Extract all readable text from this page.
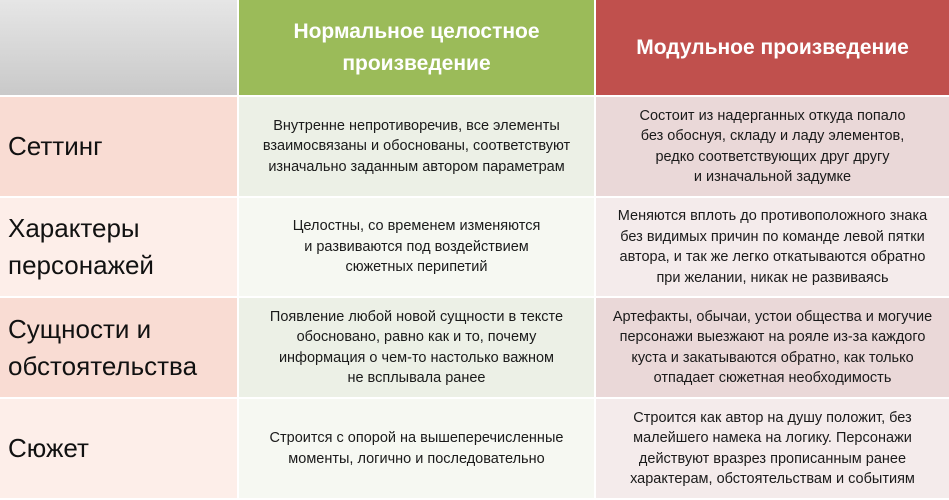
Нормальное целостное произведение
Модульное произведение
Сеттинг
Внутренне непротиворечив, все элементы
взаимосвязаны и обоснованы, соответствуют
изначально заданным автором параметрам
Состоит из надерганных откуда попало
без обоснуя, складу и ладу элементов,
редко соответствующих друг другу
и изначальной задумке
Характеры
персонажей
Целостны, со временем изменяются
и развиваются под воздействием
сюжетных перипетий
Меняются вплоть до противоположного знака
без видимых причин по команде левой пятки
автора, и так же легко откатываются обратно
при желании, никак не развиваясь
Сущности и
обстоятельства
Появление любой новой сущности в тексте
обосновано, равно как и то, почему
информация о чем-то настолько важном
не всплывала ранее
Артефакты, обычаи, устои общества и могучие
персонажи выезжают на рояле из-за каждого
куста и закатываются обратно, как только
отпадает сюжетная необходимость
Сюжет	Строится с опорой на вышеперечисленные
моменты, логично и последовательно
Строится как автор на душу положит, без
малейшего намека на логику. Персонажи
действуют вразрез прописанным ранее
характерам, обстоятельствам и событиям
